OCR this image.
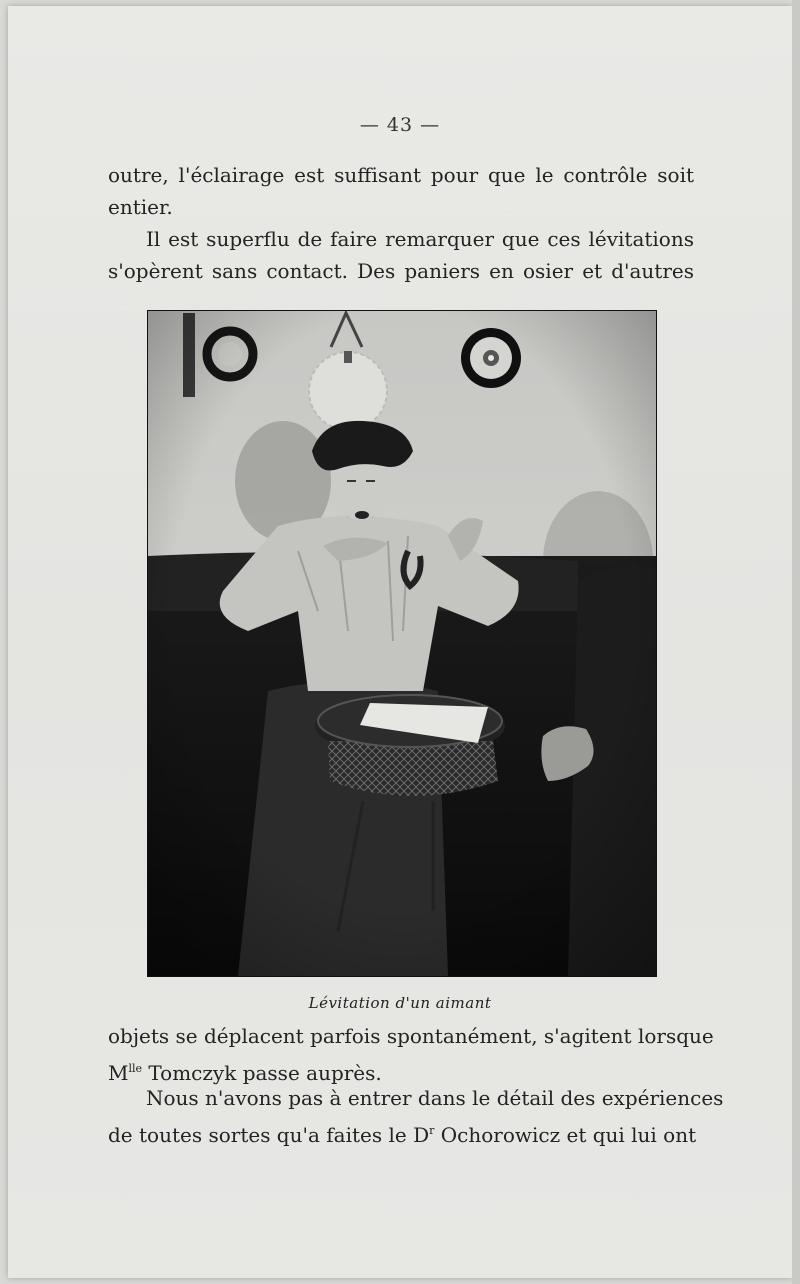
— 43 —

outre, l'éclairage est suffisant pour que le contrôle soit
entier.

Il est superflu de faire remarquer que ces lévitations
s'opèrent sans contact. Des paniers en osier et d'autres

Lévitation d'un aimant

objets se déplacent parfois spontanément, s'agitent lorsque
$M^{lle}$ Tomczyk passe auprès.

Nous n'avons pas à entrer dans le détail des expériences
de toutes sortes qu'a faites le $D^r$ Ochorowicz et qui lui ont
